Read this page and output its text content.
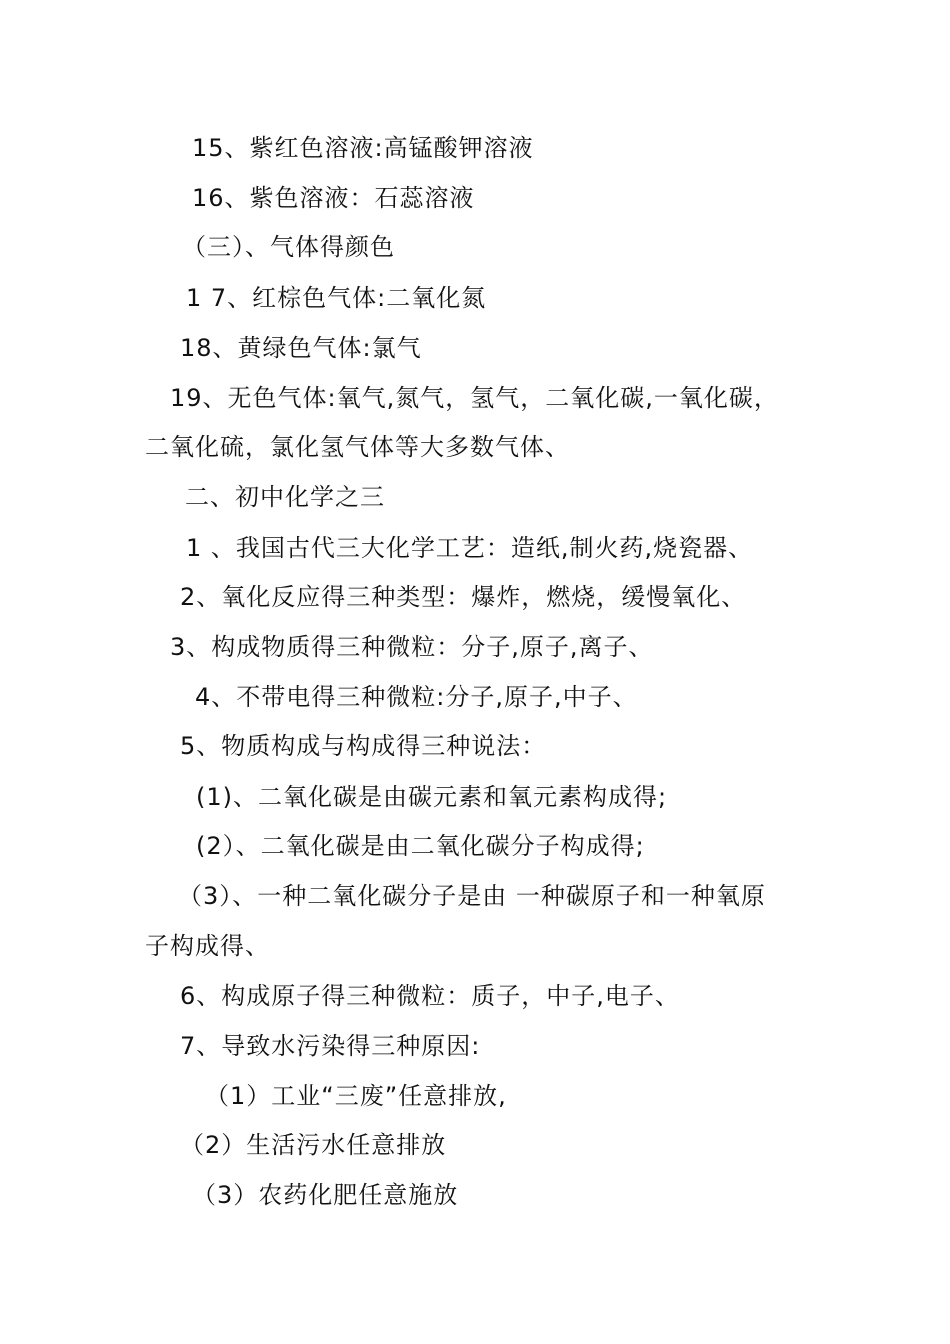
15、紫红色溶液:高锰酸钾溶液
16、紫色溶液：石蕊溶液
（三）、气体得颜色
1 7、红棕色气体:二氧化氮
18、黄绿色气体:氯气
19、无色气体:氧气,氮气，氢气，二氧化碳,一氧化碳，
二氧化硫，氯化氢气体等大多数气体、
二、初中化学之三
1 、我国古代三大化学工艺：造纸,制火药,烧瓷器、
2、氧化反应得三种类型：爆炸，燃烧，缓慢氧化、
3、构成物质得三种微粒：分子,原子,离子、
4、不带电得三种微粒:分子,原子,中子、
5、物质构成与构成得三种说法：
(1)、二氧化碳是由碳元素和氧元素构成得;
(2）、二氧化碳是由二氧化碳分子构成得;
（3）、一种二氧化碳分子是由 一种碳原子和一种氧原
子构成得、
6、构成原子得三种微粒：质子，中子,电子、
7、导致水污染得三种原因:
（1）工业“三废”任意排放,
（2）生活污水任意排放
（3）农药化肥任意施放
